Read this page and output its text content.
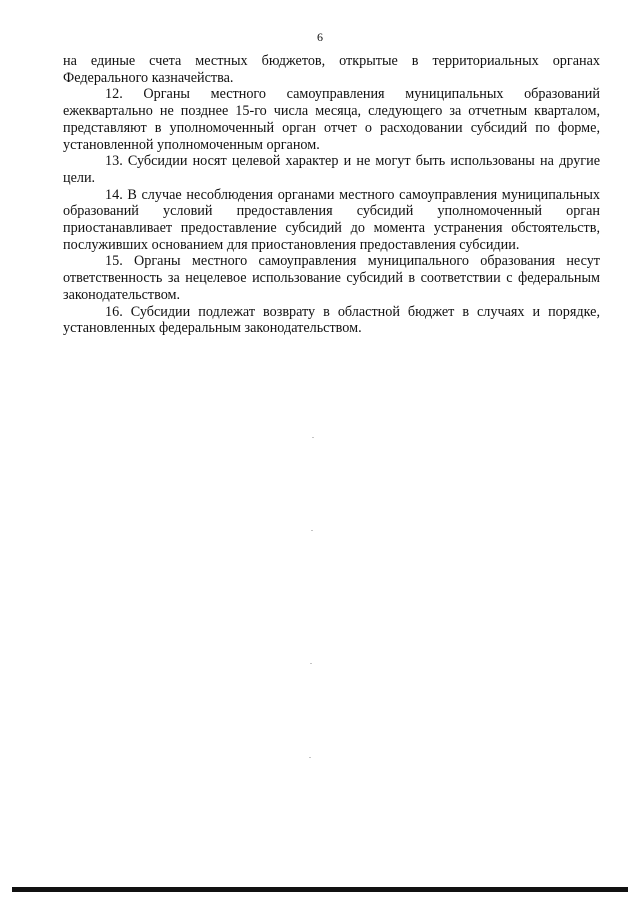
6

на единые счета местных бюджетов, открытые в территориальных органах Федерального казначейства.

12. Органы местного самоуправления муниципальных образований ежеквартально не позднее 15-го числа месяца, следующего за отчетным кварталом, представляют в уполномоченный орган отчет о расходовании субсидий по форме, установленной уполномоченным органом.

13. Субсидии носят целевой характер и не могут быть использованы на другие цели.

14. В случае несоблюдения органами местного самоуправления муниципальных образований условий предоставления субсидий уполномоченный орган приостанавливает предоставление субсидий до момента устранения обстоятельств, послуживших основанием для приостановления предоставления субсидии.

15. Органы местного самоуправления муниципального образования несут ответственность за нецелевое использование субсидий в соответствии с федеральным законодательством.

16. Субсидии подлежат возврату в областной бюджет в случаях и порядке, установленных федеральным законодательством.
